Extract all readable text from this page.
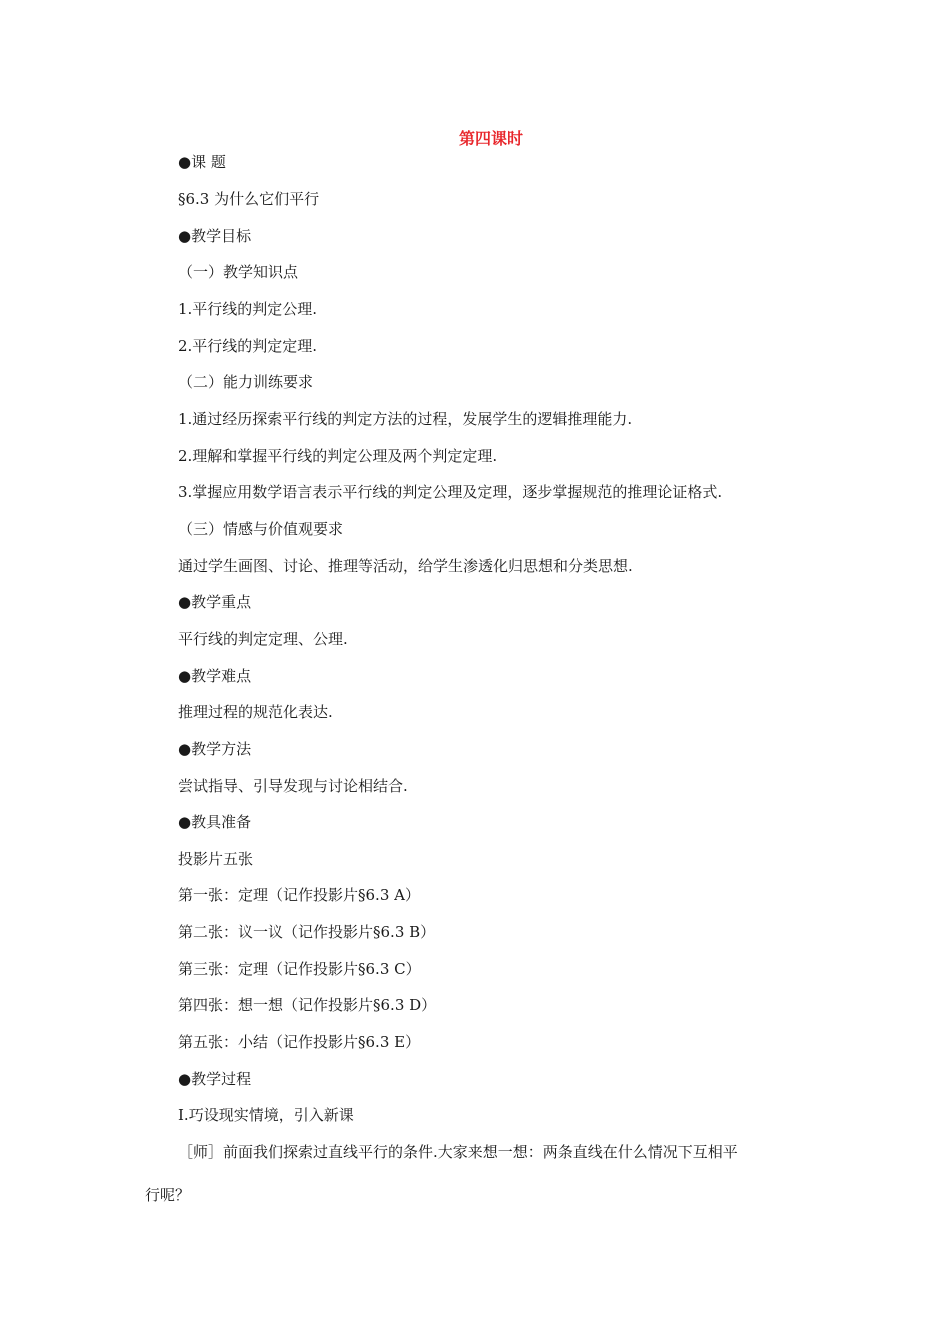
第四课时
●课 题
§6.3 为什么它们平行
●教学目标
（一）教学知识点
1.平行线的判定公理.
2.平行线的判定定理.
（二）能力训练要求
1.通过经历探索平行线的判定方法的过程，发展学生的逻辑推理能力.
2.理解和掌握平行线的判定公理及两个判定定理.
3.掌握应用数学语言表示平行线的判定公理及定理，逐步掌握规范的推理论证格式.
（三）情感与价值观要求
通过学生画图、讨论、推理等活动，给学生渗透化归思想和分类思想.
●教学重点
平行线的判定定理、公理.
●教学难点
推理过程的规范化表达.
●教学方法
尝试指导、引导发现与讨论相结合.
●教具准备
投影片五张
第一张：定理（记作投影片§6.3 A）
第二张：议一议（记作投影片§6.3 B）
第三张：定理（记作投影片§6.3 C）
第四张：想一想（记作投影片§6.3 D）
第五张：小结（记作投影片§6.3 E）
●教学过程
Ⅰ.巧设现实情境，引入新课
［师］前面我们探索过直线平行的条件.大家来想一想：两条直线在什么情况下互相平
行呢？
